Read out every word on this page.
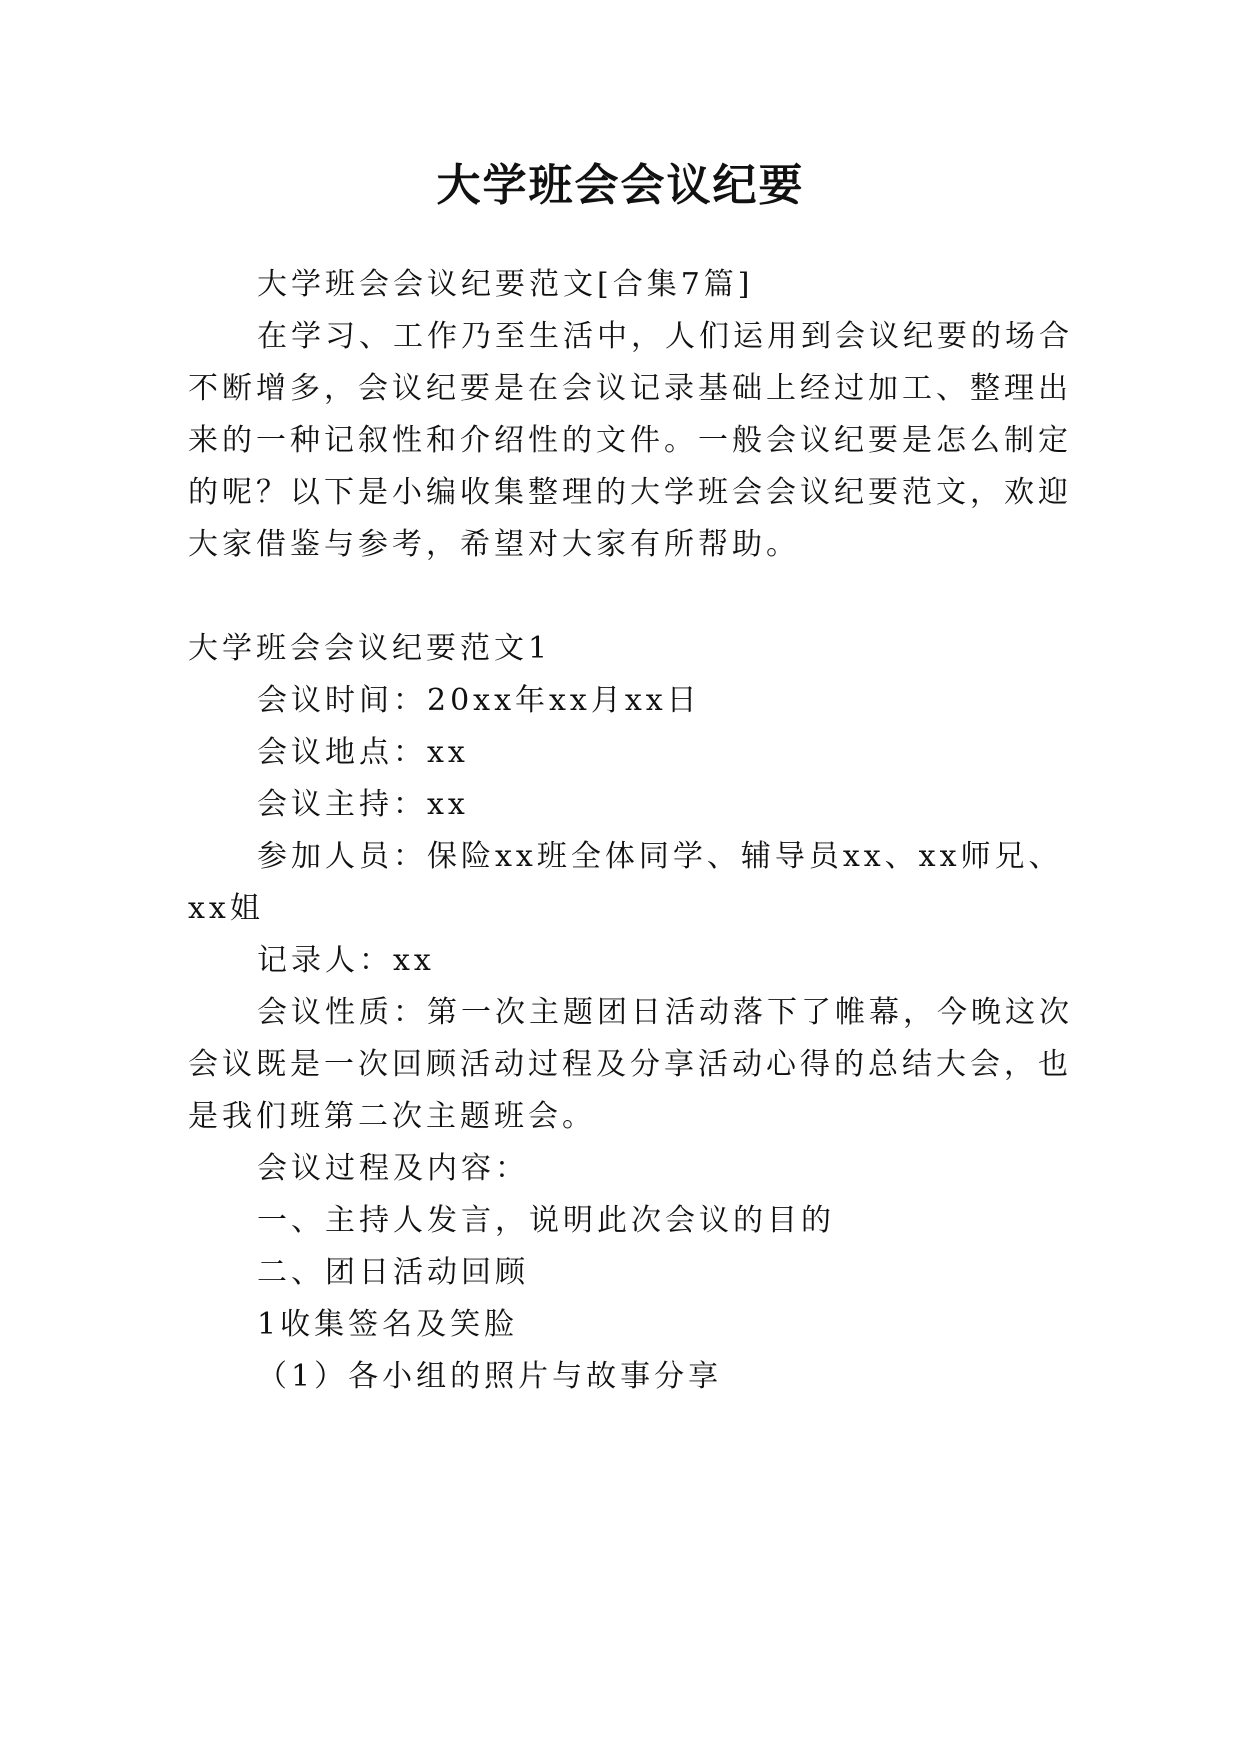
大学班会会议纪要
大学班会会议纪要范文[合集7篇]
在学习、工作乃至生活中，人们运用到会议纪要的场合
不断增多，会议纪要是在会议记录基础上经过加工、整理出
来的一种记叙性和介绍性的文件。一般会议纪要是怎么制定
的呢？以下是小编收集整理的大学班会会议纪要范文，欢迎
大家借鉴与参考，希望对大家有所帮助。
大学班会会议纪要范文1
会议时间：20xx年xx月xx日
会议地点：xx
会议主持：xx
参加人员：保险xx班全体同学、辅导员xx、xx师兄、
xx姐
记录人：xx
会议性质：第一次主题团日活动落下了帷幕，今晚这次
会议既是一次回顾活动过程及分享活动心得的总结大会，也
是我们班第二次主题班会。
会议过程及内容：
一、主持人发言，说明此次会议的目的
二、团日活动回顾
1收集签名及笑脸
（1）各小组的照片与故事分享
